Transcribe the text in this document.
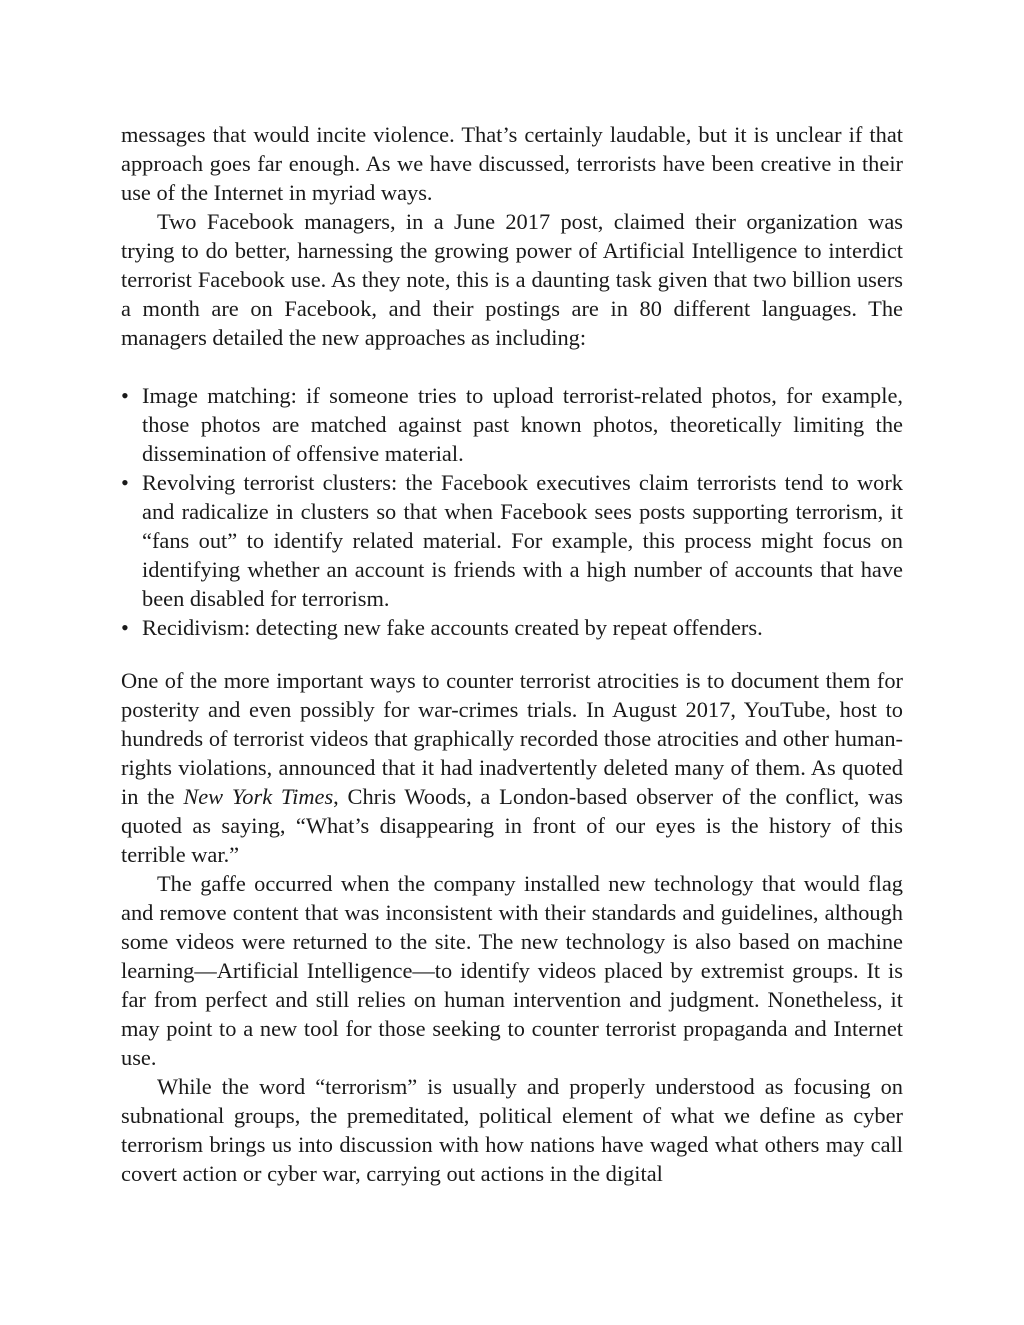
messages that would incite violence. That’s certainly laudable, but it is unclear if that approach goes far enough. As we have discussed, terrorists have been creative in their use of the Internet in myriad ways.

Two Facebook managers, in a June 2017 post, claimed their organization was trying to do better, harnessing the growing power of Artificial Intelligence to interdict terrorist Facebook use. As they note, this is a daunting task given that two billion users a month are on Facebook, and their postings are in 80 different languages. The managers detailed the new approaches as including:

• Image matching: if someone tries to upload terrorist-related photos, for example, those photos are matched against past known photos, theoretically limiting the dissemination of offensive material.
• Revolving terrorist clusters: the Facebook executives claim terrorists tend to work and radicalize in clusters so that when Facebook sees posts supporting terrorism, it “fans out” to identify related material. For example, this process might focus on identifying whether an account is friends with a high number of accounts that have been disabled for terrorism.
• Recidivism: detecting new fake accounts created by repeat offenders.

One of the more important ways to counter terrorist atrocities is to document them for posterity and even possibly for war-crimes trials. In August 2017, YouTube, host to hundreds of terrorist videos that graphically recorded those atrocities and other human-rights violations, announced that it had inadvertently deleted many of them. As quoted in the New York Times, Chris Woods, a London-based observer of the conflict, was quoted as saying, “What’s disappearing in front of our eyes is the history of this terrible war.”

The gaffe occurred when the company installed new technology that would flag and remove content that was inconsistent with their standards and guidelines, although some videos were returned to the site. The new technology is also based on machine learning—Artificial Intelligence—to identify videos placed by extremist groups. It is far from perfect and still relies on human intervention and judgment. Nonetheless, it may point to a new tool for those seeking to counter terrorist propaganda and Internet use.

While the word “terrorism” is usually and properly understood as focusing on subnational groups, the premeditated, political element of what we define as cyber terrorism brings us into discussion with how nations have waged what others may call covert action or cyber war, carrying out actions in the digital
